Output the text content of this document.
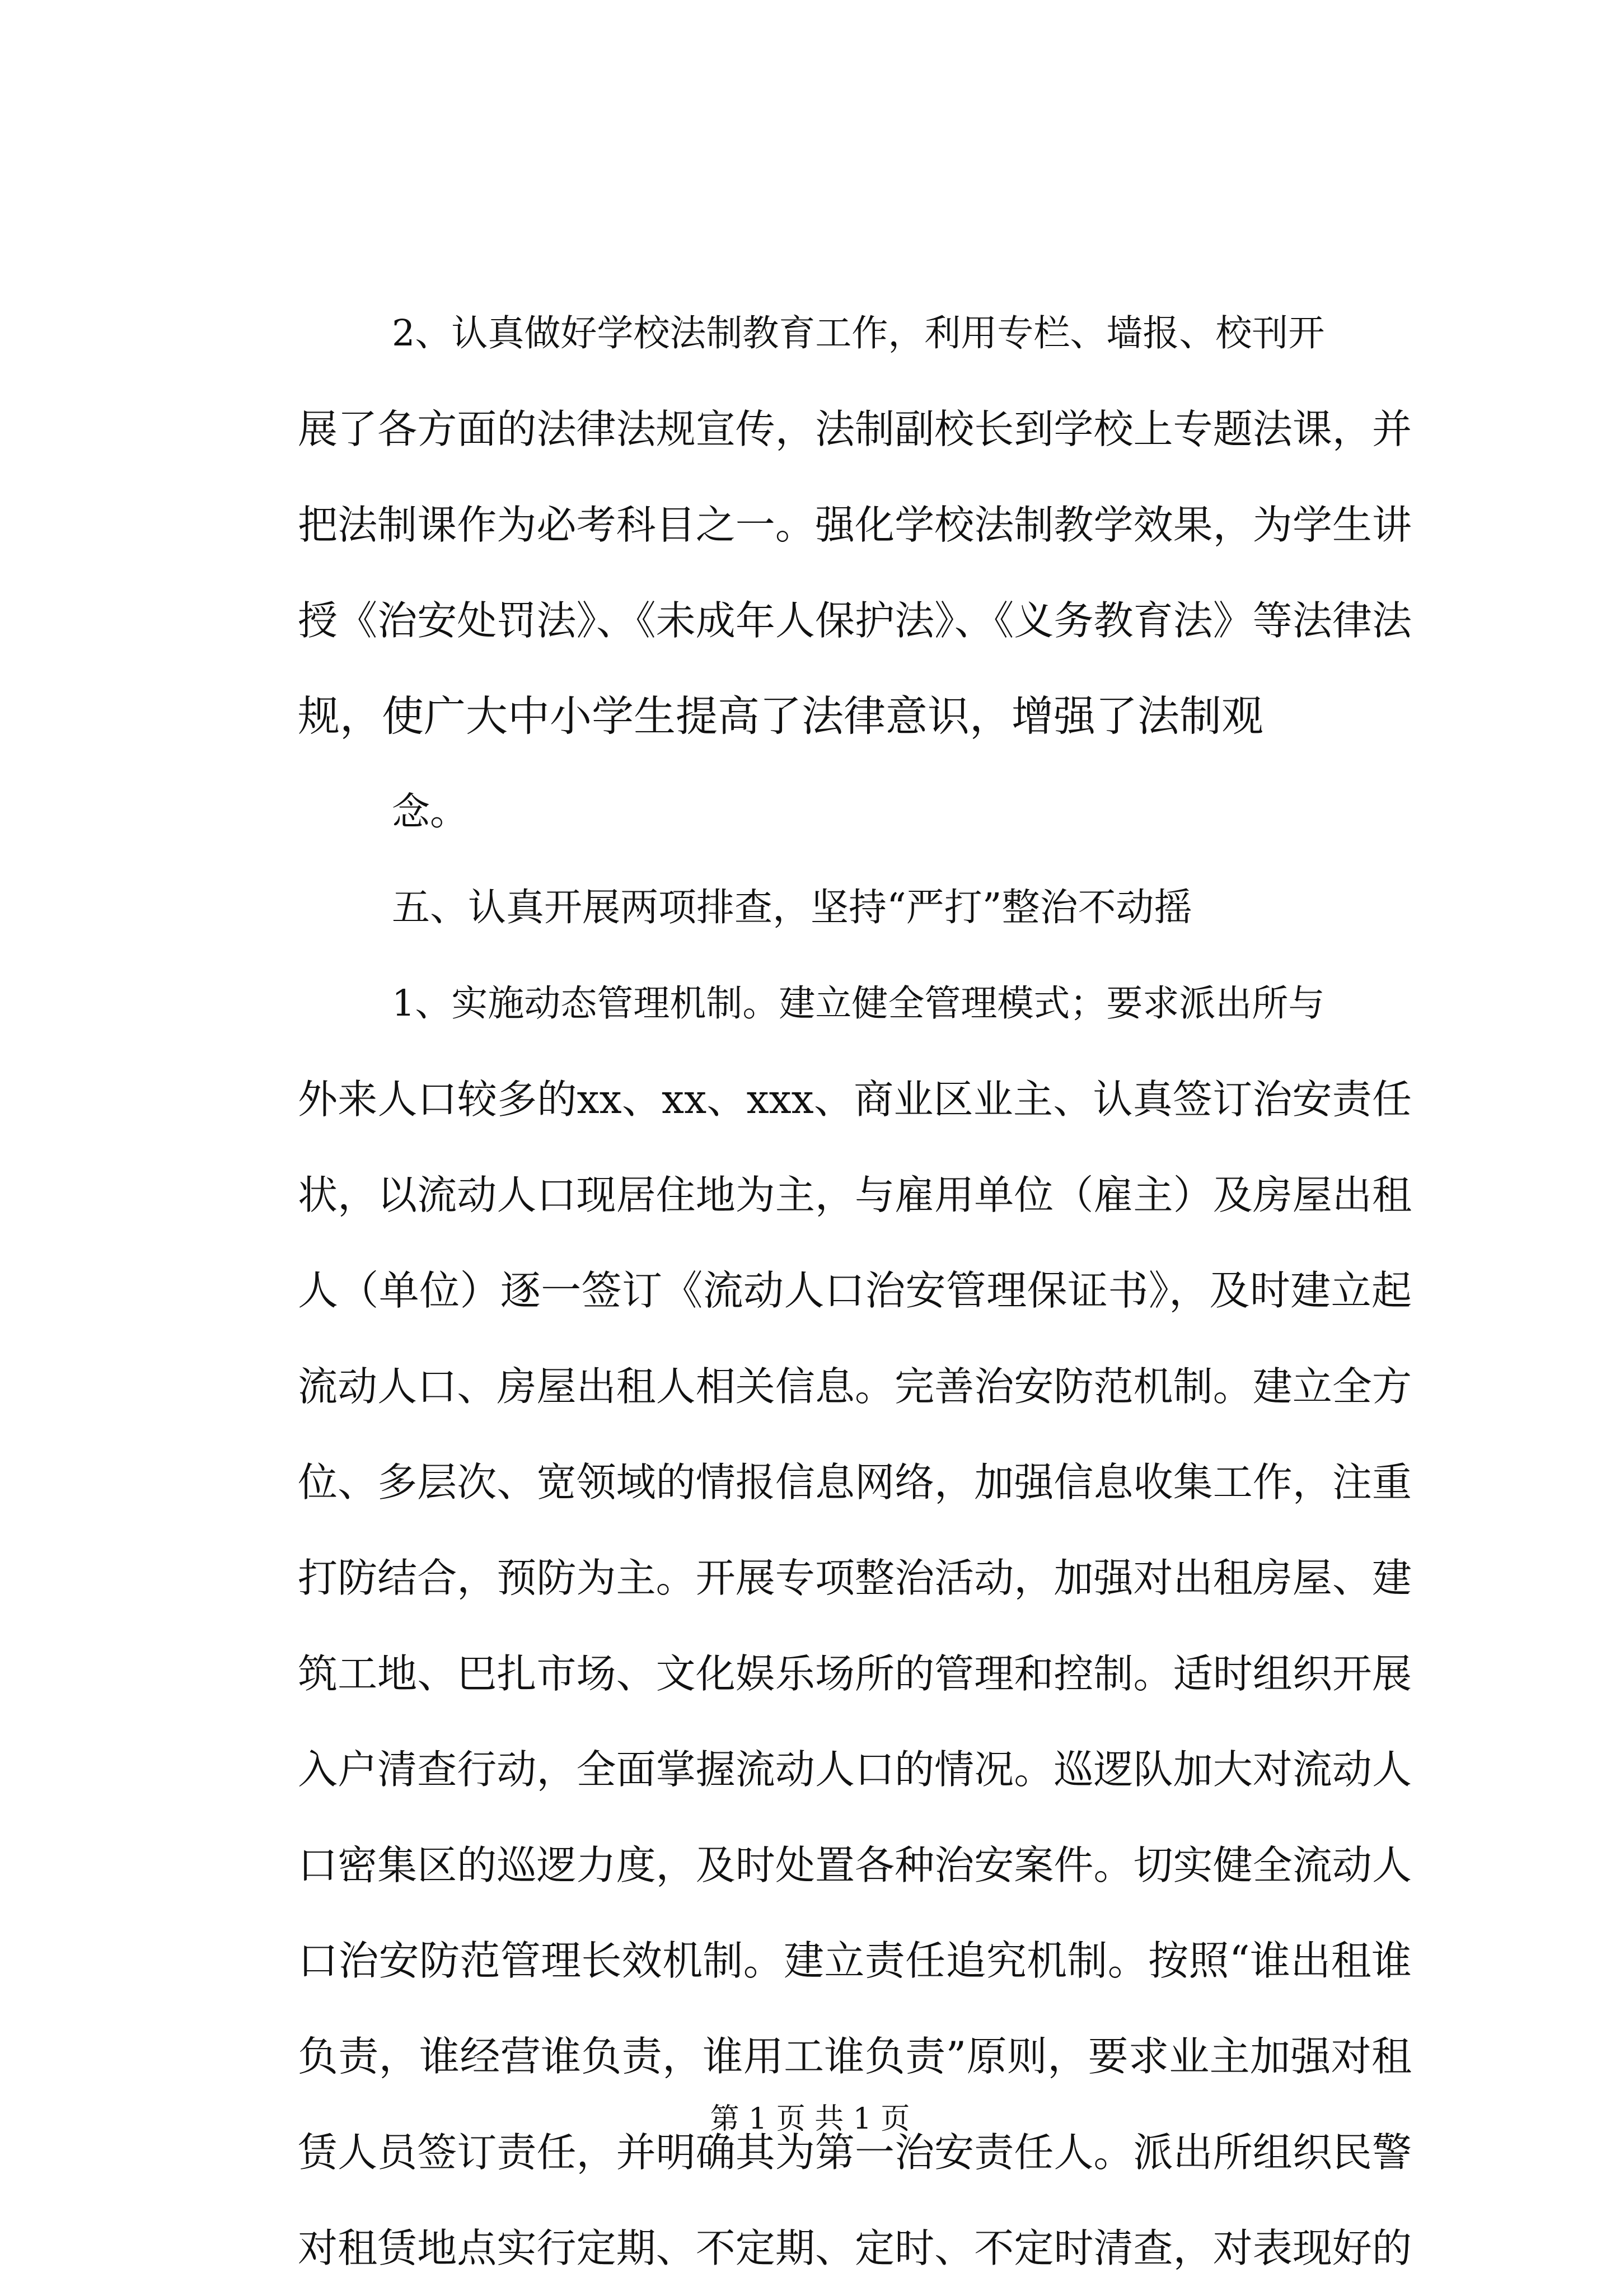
2、认真做好学校法制教育工作，利用专栏、墙报、校刊开
展了各方面的法律法规宣传，法制副校长到学校上专题法课，并
把法制课作为必考科目之一。强化学校法制教学效果，为学生讲
授《治安处罚法》、《未成年人保护法》、《义务教育法》等法律法
规，使广大中小学生提高了法律意识，增强了法制观
念。
五、认真开展两项排查，坚持“严打”整治不动摇
1、实施动态管理机制。建立健全管理模式；要求派出所与
外来人口较多的xx、xx、xxx、商业区业主、认真签订治安责任
状，以流动人口现居住地为主，与雇用单位（雇主）及房屋出租
人（单位）逐一签订《流动人口治安管理保证书》，及时建立起
流动人口、房屋出租人相关信息。完善治安防范机制。建立全方
位、多层次、宽领域的情报信息网络，加强信息收集工作，注重
打防结合，预防为主。开展专项整治活动，加强对出租房屋、建
筑工地、巴扎市场、文化娱乐场所的管理和控制。适时组织开展
入户清查行动，全面掌握流动人口的情况。巡逻队加大对流动人
口密集区的巡逻力度，及时处置各种治安案件。切实健全流动人
口治安防范管理长效机制。建立责任追究机制。按照“谁出租谁
负责，谁经营谁负责，谁用工谁负责”原则，要求业主加强对租
赁人员签订责任，并明确其为第一治安责任人。派出所组织民警
对租赁地点实行定期、不定期、定时、不定时清查，对表现好的
第 1 页 共 1 页
